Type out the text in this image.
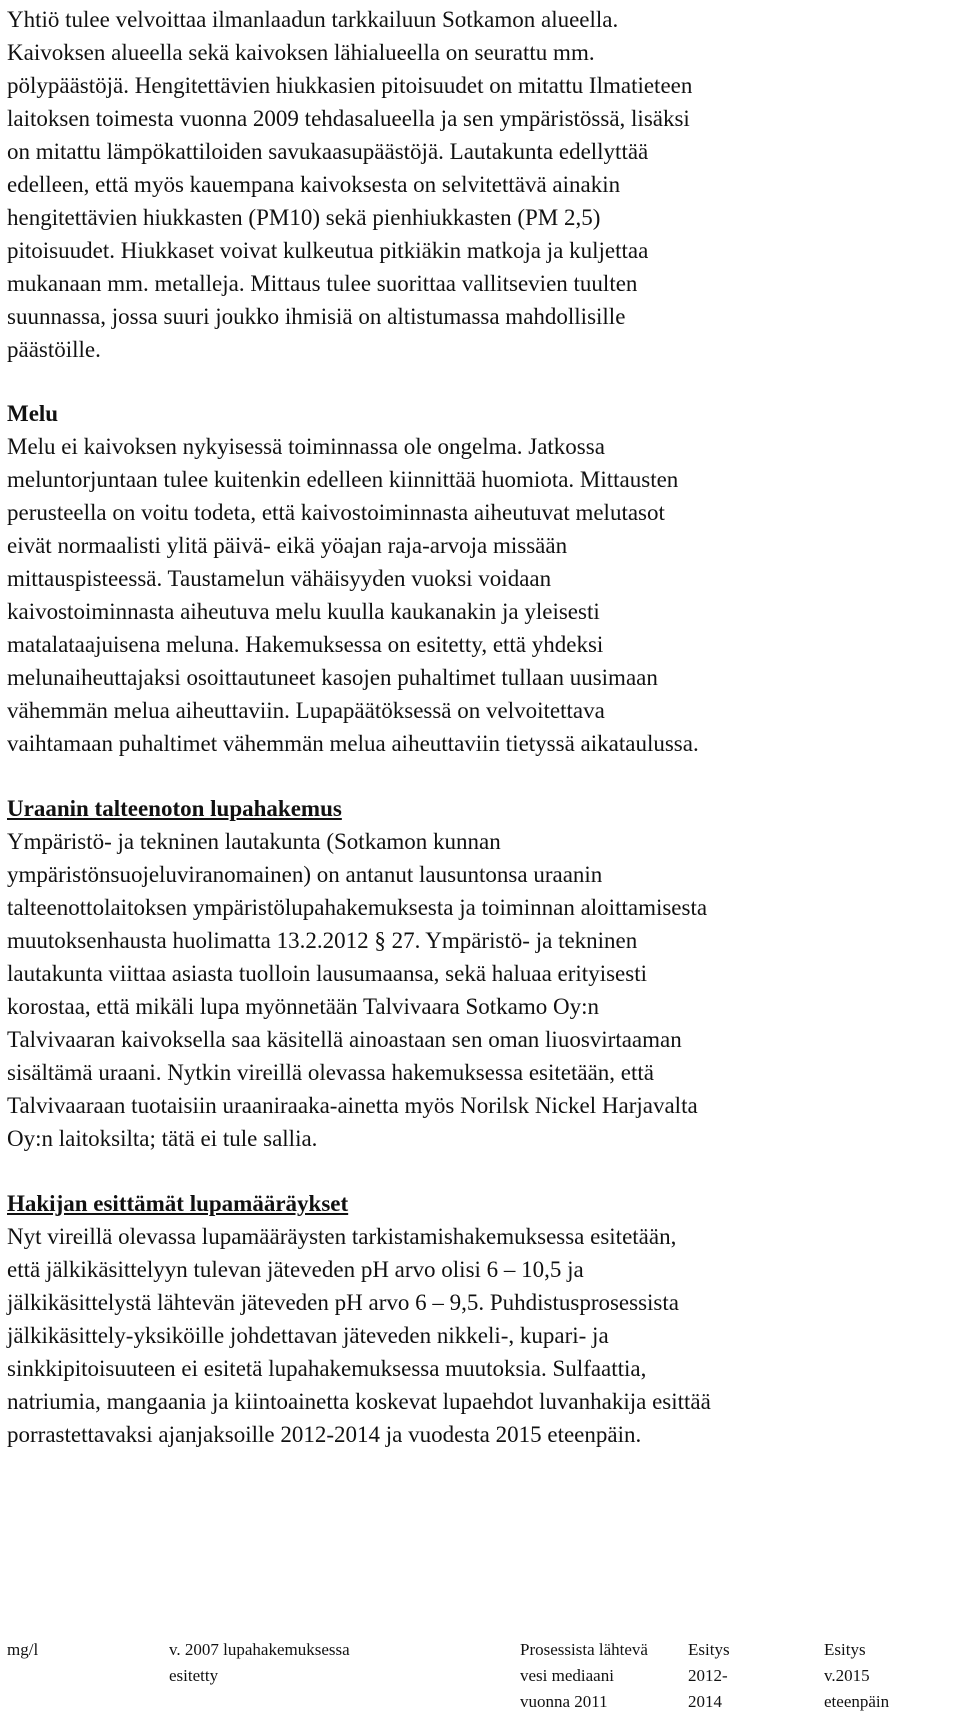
Yhtiö tulee velvoittaa ilmanlaadun tarkkailuun Sotkamon alueella.
Kaivoksen alueella sekä kaivoksen lähialueella on seurattu mm.
pölypäästöjä. Hengitettävien hiukkasien pitoisuudet on mitattu Ilmatieteen
laitoksen toimesta vuonna 2009 tehdasalueella ja sen ympäristössä, lisäksi
on mitattu lämpökattiloiden savukaasupäästöjä. Lautakunta edellyttää
edelleen, että myös kauempana kaivoksesta on selvitettävä ainakin
hengitettävien hiukkasten (PM10) sekä pienhiukkasten (PM 2,5)
pitoisuudet. Hiukkaset voivat kulkeutua pitkiäkin matkoja ja kuljettaa
mukanaan mm. metalleja. Mittaus tulee suorittaa vallitsevien tuulten
suunnassa, jossa suuri joukko ihmisiä on altistumassa mahdollisille
päästöille.
Melu
Melu ei kaivoksen nykyisessä toiminnassa ole ongelma. Jatkossa
meluntorjuntaan tulee kuitenkin edelleen kiinnittää huomiota. Mittausten
perusteella on voitu todeta, että kaivostoiminnasta aiheutuvat melutasot
eivät normaalisti ylitä päivä- eikä yöajan raja-arvoja missään
mittauspisteessä. Taustamelun vähäisyyden vuoksi voidaan
kaivostoiminnasta aiheutuva melu kuulla kaukanakin ja yleisesti
matalataajuisena meluna. Hakemuksessa on esitetty, että yhdeksi
melunaiheuttajaksi osoittautuneet kasojen puhaltimet tullaan uusimaan
vähemmän melua aiheuttaviin. Lupapäätöksessä on velvoitettava
vaihtamaan puhaltimet vähemmän melua aiheuttaviin tietyssä aikataulussa.
Uraanin talteenoton lupahakemus
Ympäristö- ja tekninen lautakunta (Sotkamon kunnan
ympäristönsuojeluviranomainen) on antanut lausuntonsa uraanin
talteenottolaitoksen ympäristölupahakemuksesta ja toiminnan aloittamisesta
muutoksenhausta huolimatta 13.2.2012 § 27. Ympäristö- ja tekninen
lautakunta viittaa asiasta tuolloin lausumaansa, sekä haluaa erityisesti
korostaa, että mikäli lupa myönnetään Talvivaara Sotkamo Oy:n
Talvivaaran kaivoksella saa käsitellä ainoastaan sen oman liuosvirtaaman
sisältämä uraani. Nytkin vireillä olevassa hakemuksessa esitetään, että
Talvivaaraan tuotaisiin uraaniraaka-ainetta myös Norilsk Nickel Harjavalta
Oy:n laitoksilta; tätä ei tule sallia.
Hakijan esittämät lupamääräykset
Nyt vireillä olevassa lupamääräysten tarkistamishakemuksessa esitetään,
että jälkikäsittelyyn tulevan jäteveden pH arvo olisi 6 – 10,5 ja
jälkikäsittelystä lähtevän jäteveden pH arvo 6 – 9,5. Puhdistusprosessista
jälkikäsittely-yksiköille johdettavan jäteveden nikkeli-, kupari- ja
sinkkipitoisuuteen ei esitetä lupahakemuksessa muutoksia. Sulfaattia,
natriumia, mangaania ja kiintoainetta koskevat lupaehdot luvanhakija esittää
porrastettavaksi ajanjaksoille 2012-2014 ja vuodesta 2015 eteenpäin.
mg/l	v. 2007 lupahakemuksessa
esitetty
Prosessista lähtevä
vesi mediaani
vuonna 2011
Esitys
2012-
2014
Esitys
v.2015
eteenpäin
